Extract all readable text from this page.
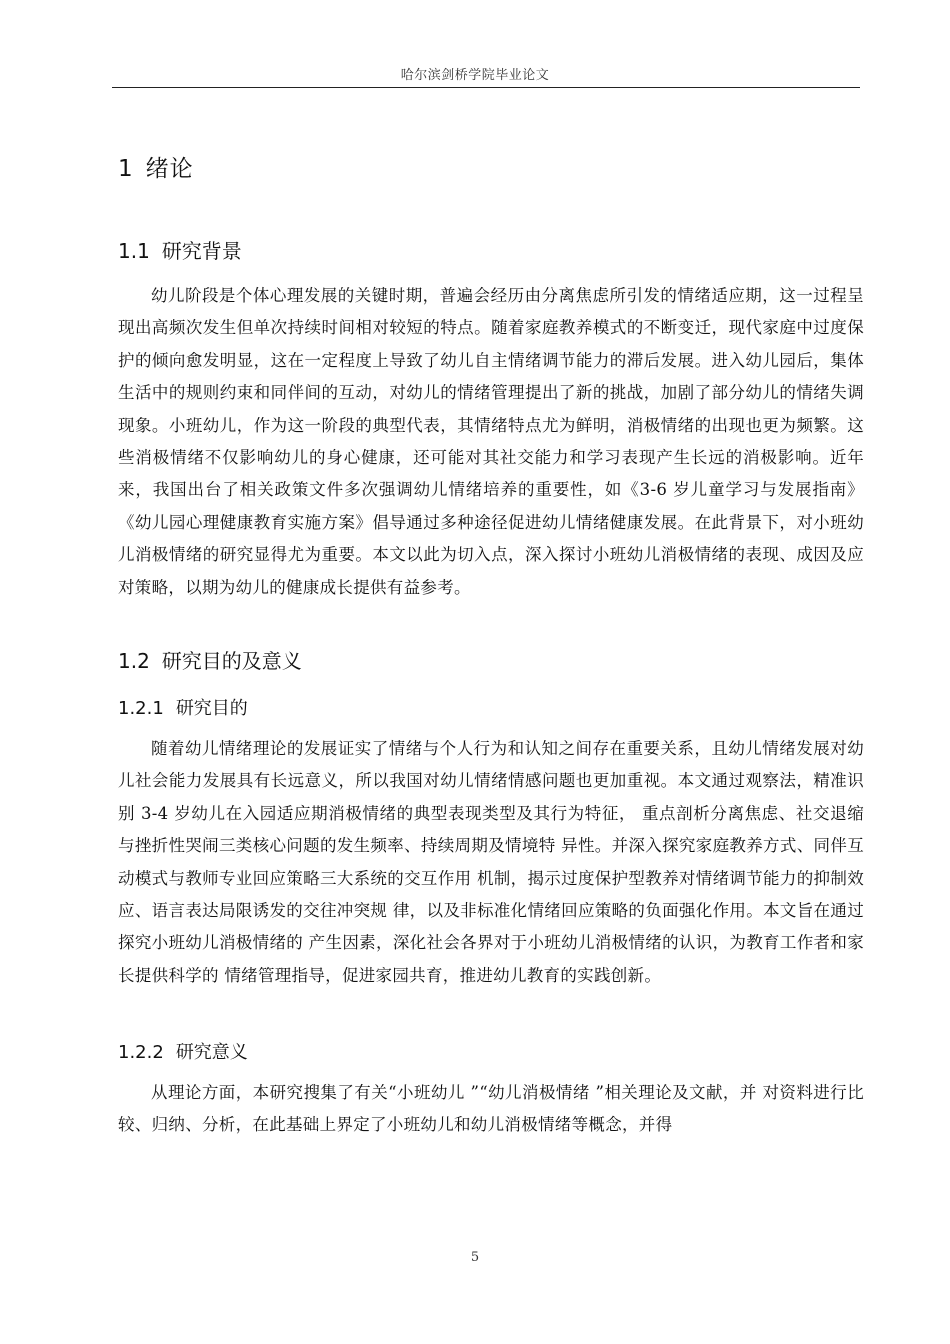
哈尔滨剑桥学院毕业论文
1 绪论
1.1 研究背景
幼儿阶段是个体心理发展的关键时期，普遍会经历由分离焦虑所引发的情绪适应期，这一过程呈现出高频次发生但单次持续时间相对较短的特点。随着家庭教养模式的不断变迁，现代家庭中过度保护的倾向愈发明显，这在一定程度上导致了幼儿自主情绪调节能力的滞后发展。进入幼儿园后，集体生活中的规则约束和同伴间的互动，对幼儿的情绪管理提出了新的挑战，加剧了部分幼儿的情绪失调现象。小班幼儿，作为这一阶段的典型代表，其情绪特点尤为鲜明，消极情绪的出现也更为频繁。这些消极情绪不仅影响幼儿的身心健康，还可能对其社交能力和学习表现产生长远的消极影响。近年来，我国出台了相关政策文件多次强调幼儿情绪培养的重要性，如《3-6 岁儿童学习与发展指南》《幼儿园心理健康教育实施方案》倡导通过多种途径促进幼儿情绪健康发展。在此背景下，对小班幼儿消极情绪的研究显得尤为重要。本文以此为切入点，深入探讨小班幼儿消极情绪的表现、成因及应对策略，以期为幼儿的健康成长提供有益参考。
1.2 研究目的及意义
1.2.1 研究目的
随着幼儿情绪理论的发展证实了情绪与个人行为和认知之间存在重要关系，且幼儿情绪发展对幼儿社会能力发展具有长远意义，所以我国对幼儿情绪情感问题也更加重视。本文通过观察法，精准识别 3-4 岁幼儿在入园适应期消极情绪的典型表现类型及其行为特征， 重点剖析分离焦虑、社交退缩与挫折性哭闹三类核心问题的发生频率、持续周期及情境特 异性。并深入探究家庭教养方式、同伴互动模式与教师专业回应策略三大系统的交互作用 机制，揭示过度保护型教养对情绪调节能力的抑制效应、语言表达局限诱发的交往冲突规 律，以及非标准化情绪回应策略的负面强化作用。本文旨在通过探究小班幼儿消极情绪的 产生因素，深化社会各界对于小班幼儿消极情绪的认识，为教育工作者和家长提供科学的 情绪管理指导，促进家园共育，推进幼儿教育的实践创新。
1.2.2 研究意义
从理论方面，本研究搜集了有关“小班幼儿 ”“幼儿消极情绪 ”相关理论及文献，并 对资料进行比较、归纳、分析，在此基础上界定了小班幼儿和幼儿消极情绪等概念，并得
5
